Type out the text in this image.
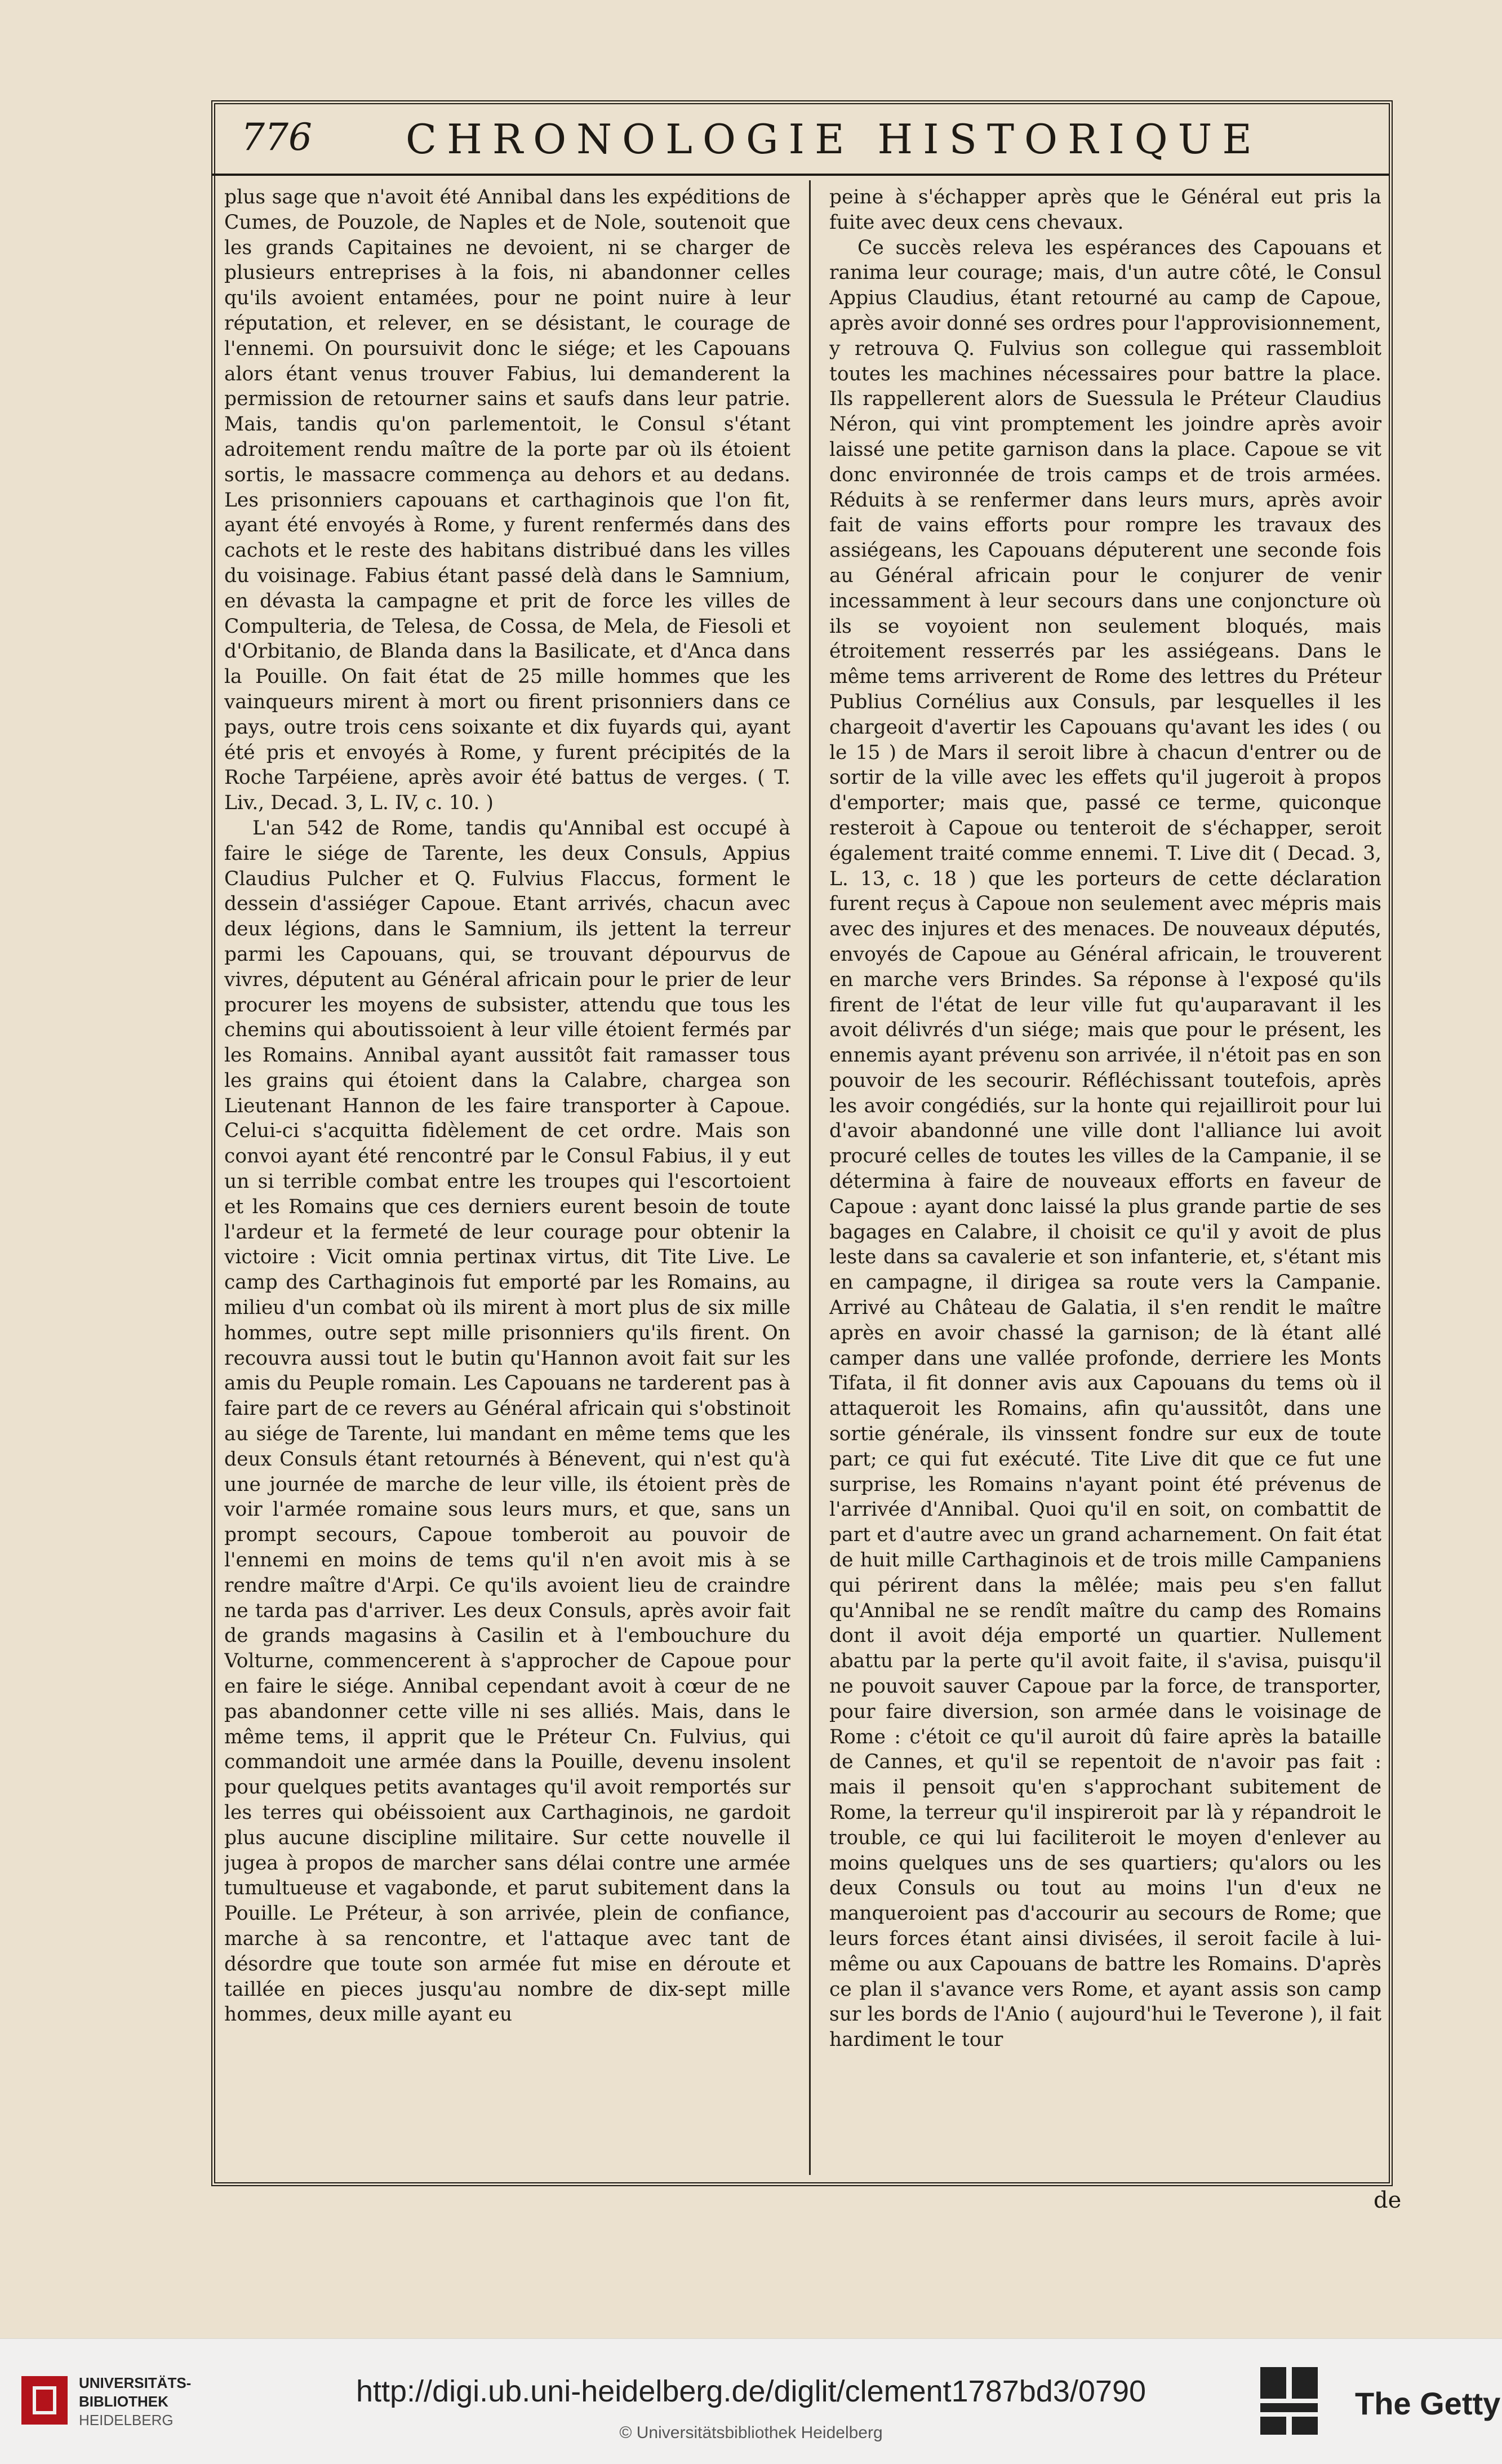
776 CHRONOLOGIE HISTORIQUE

plus sage que n'avoit été Annibal dans les expéditions de Cumes, de Pouzole, de Naples et de Nole, soutenoit que les grands Capitaines ne devoient, ni se charger de plusieurs entreprises à la fois, ni abandonner celles qu'ils avoient entamées, pour ne point nuire à leur réputation, et relever, en se désistant, le courage de l'ennemi. On poursuivit donc le siége; et les Capouans alors étant venus trouver Fabius, lui demanderent la permission de retourner sains et saufs dans leur patrie. Mais, tandis qu'on parlementoit, le Consul s'étant adroitement rendu maître de la porte par où ils étoient sortis, le massacre commença au dehors et au dedans. Les prisonniers capouans et carthaginois que l'on fit, ayant été envoyés à Rome, y furent renfermés dans des cachots et le reste des habitans distribué dans les villes du voisinage. Fabius étant passé delà dans le Samnium, en dévasta la campagne et prit de force les villes de Compulteria, de Telesa, de Cossa, de Mela, de Fiesoli et d'Orbitanio, de Blanda dans la Basilicate, et d'Anca dans la Pouille. On fait état de 25 mille hommes que les vainqueurs mirent à mort ou firent prisonniers dans ce pays, outre trois cens soixante et dix fuyards qui, ayant été pris et envoyés à Rome, y furent précipités de la Roche Tarpéiene, après avoir été battus de verges. ( T. Liv., Decad. 3, L. IV, c. 10. )

L'an 542 de Rome, tandis qu'Annibal est occupé à faire le siége de Tarente, les deux Consuls, Appius Claudius Pulcher et Q. Fulvius Flaccus, forment le dessein d'assiéger Capoue. Etant arrivés, chacun avec deux légions, dans le Samnium, ils jettent la terreur parmi les Capouans, qui, se trouvant dépourvus de vivres, députent au Général africain pour le prier de leur procurer les moyens de subsister, attendu que tous les chemins qui aboutissoient à leur ville étoient fermés par les Romains. Annibal ayant aussitôt fait ramasser tous les grains qui étoient dans la Calabre, chargea son Lieutenant Hannon de les faire transporter à Capoue. Celui-ci s'acquitta fidèlement de cet ordre. Mais son convoi ayant été rencontré par le Consul Fabius, il y eut un si terrible combat entre les troupes qui l'escortoient et les Romains que ces derniers eurent besoin de toute l'ardeur et la fermeté de leur courage pour obtenir la victoire : Vicit omnia pertinax virtus, dit Tite Live. Le camp des Carthaginois fut emporté par les Romains, au milieu d'un combat où ils mirent à mort plus de six mille hommes, outre sept mille prisonniers qu'ils firent. On recouvra aussi tout le butin qu'Hannon avoit fait sur les amis du Peuple romain. Les Capouans ne tarderent pas à faire part de ce revers au Général africain qui s'obstinoit au siége de Tarente, lui mandant en même tems que les deux Consuls étant retournés à Bénevent, qui n'est qu'à une journée de marche de leur ville, ils étoient près de voir l'armée romaine sous leurs murs, et que, sans un prompt secours, Capoue tomberoit au pouvoir de l'ennemi en moins de tems qu'il n'en avoit mis à se rendre maître d'Arpi. Ce qu'ils avoient lieu de craindre ne tarda pas d'arriver. Les deux Consuls, après avoir fait de grands magasins à Casilin et à l'embouchure du Volturne, commencerent à s'approcher de Capoue pour en faire le siége. Annibal cependant avoit à cœur de ne pas abandonner cette ville ni ses alliés. Mais, dans le même tems, il apprit que le Préteur Cn. Fulvius, qui commandoit une armée dans la Pouille, devenu insolent pour quelques petits avantages qu'il avoit remportés sur les terres qui obéissoient aux Carthaginois, ne gardoit plus aucune discipline militaire. Sur cette nouvelle il jugea à propos de marcher sans délai contre une armée tumultueuse et vagabonde, et parut subitement dans la Pouille. Le Préteur, à son arrivée, plein de confiance, marche à sa rencontre, et l'attaque avec tant de désordre que toute son armée fut mise en déroute et taillée en pieces jusqu'au nombre de dix-sept mille hommes, deux mille ayant eu

peine à s'échapper après que le Général eut pris la fuite avec deux cens chevaux.

Ce succès releva les espérances des Capouans et ranima leur courage; mais, d'un autre côté, le Consul Appius Claudius, étant retourné au camp de Capoue, après avoir donné ses ordres pour l'approvisionnement, y retrouva Q. Fulvius son collegue qui rassembloit toutes les machines nécessaires pour battre la place. Ils rappellerent alors de Suessula le Préteur Claudius Néron, qui vint promptement les joindre après avoir laissé une petite garnison dans la place. Capoue se vit donc environnée de trois camps et de trois armées. Réduits à se renfermer dans leurs murs, après avoir fait de vains efforts pour rompre les travaux des assiégeans, les Capouans députerent une seconde fois au Général africain pour le conjurer de venir incessamment à leur secours dans une conjoncture où ils se voyoient non seulement bloqués, mais étroitement resserrés par les assiégeans. Dans le même tems arriverent de Rome des lettres du Préteur Publius Cornélius aux Consuls, par lesquelles il les chargeoit d'avertir les Capouans qu'avant les ides ( ou le 15 ) de Mars il seroit libre à chacun d'entrer ou de sortir de la ville avec les effets qu'il jugeroit à propos d'emporter; mais que, passé ce terme, quiconque resteroit à Capoue ou tenteroit de s'échapper, seroit également traité comme ennemi. T. Live dit ( Decad. 3, L. 13, c. 18 ) que les porteurs de cette déclaration furent reçus à Capoue non seulement avec mépris mais avec des injures et des menaces. De nouveaux députés, envoyés de Capoue au Général africain, le trouverent en marche vers Brindes. Sa réponse à l'exposé qu'ils firent de l'état de leur ville fut qu'auparavant il les avoit délivrés d'un siége; mais que pour le présent, les ennemis ayant prévenu son arrivée, il n'étoit pas en son pouvoir de les secourir. Réfléchissant toutefois, après les avoir congédiés, sur la honte qui rejailliroit pour lui d'avoir abandonné une ville dont l'alliance lui avoit procuré celles de toutes les villes de la Campanie, il se détermina à faire de nouveaux efforts en faveur de Capoue : ayant donc laissé la plus grande partie de ses bagages en Calabre, il choisit ce qu'il y avoit de plus leste dans sa cavalerie et son infanterie, et, s'étant mis en campagne, il dirigea sa route vers la Campanie. Arrivé au Château de Galatia, il s'en rendit le maître après en avoir chassé la garnison; de là étant allé camper dans une vallée profonde, derriere les Monts Tifata, il fit donner avis aux Capouans du tems où il attaqueroit les Romains, afin qu'aussitôt, dans une sortie générale, ils vinssent fondre sur eux de toute part; ce qui fut exécuté. Tite Live dit que ce fut une surprise, les Romains n'ayant point été prévenus de l'arrivée d'Annibal. Quoi qu'il en soit, on combattit de part et d'autre avec un grand acharnement. On fait état de huit mille Carthaginois et de trois mille Campaniens qui périrent dans la mêlée; mais peu s'en fallut qu'Annibal ne se rendît maître du camp des Romains dont il avoit déja emporté un quartier. Nullement abattu par la perte qu'il avoit faite, il s'avisa, puisqu'il ne pouvoit sauver Capoue par la force, de transporter, pour faire diversion, son armée dans le voisinage de Rome : c'étoit ce qu'il auroit dû faire après la bataille de Cannes, et qu'il se repentoit de n'avoir pas fait : mais il pensoit qu'en s'approchant subitement de Rome, la terreur qu'il inspireroit par là y répandroit le trouble, ce qui lui faciliteroit le moyen d'enlever au moins quelques uns de ses quartiers; qu'alors ou les deux Consuls ou tout au moins l'un d'eux ne manqueroient pas d'accourir au secours de Rome; que leurs forces étant ainsi divisées, il seroit facile à lui-même ou aux Capouans de battre les Romains. D'après ce plan il s'avance vers Rome, et ayant assis son camp sur les bords de l'Anio ( aujourd'hui le Teverone ), il fait hardiment le tour

de
UNIVERSITÄTS-
BIBLIOTHEK
HEIDELBERG
http://digi.ub.uni-heidelberg.de/diglit/clement1787bd3/0790
© Universitätsbibliothek Heidelberg
The Getty
